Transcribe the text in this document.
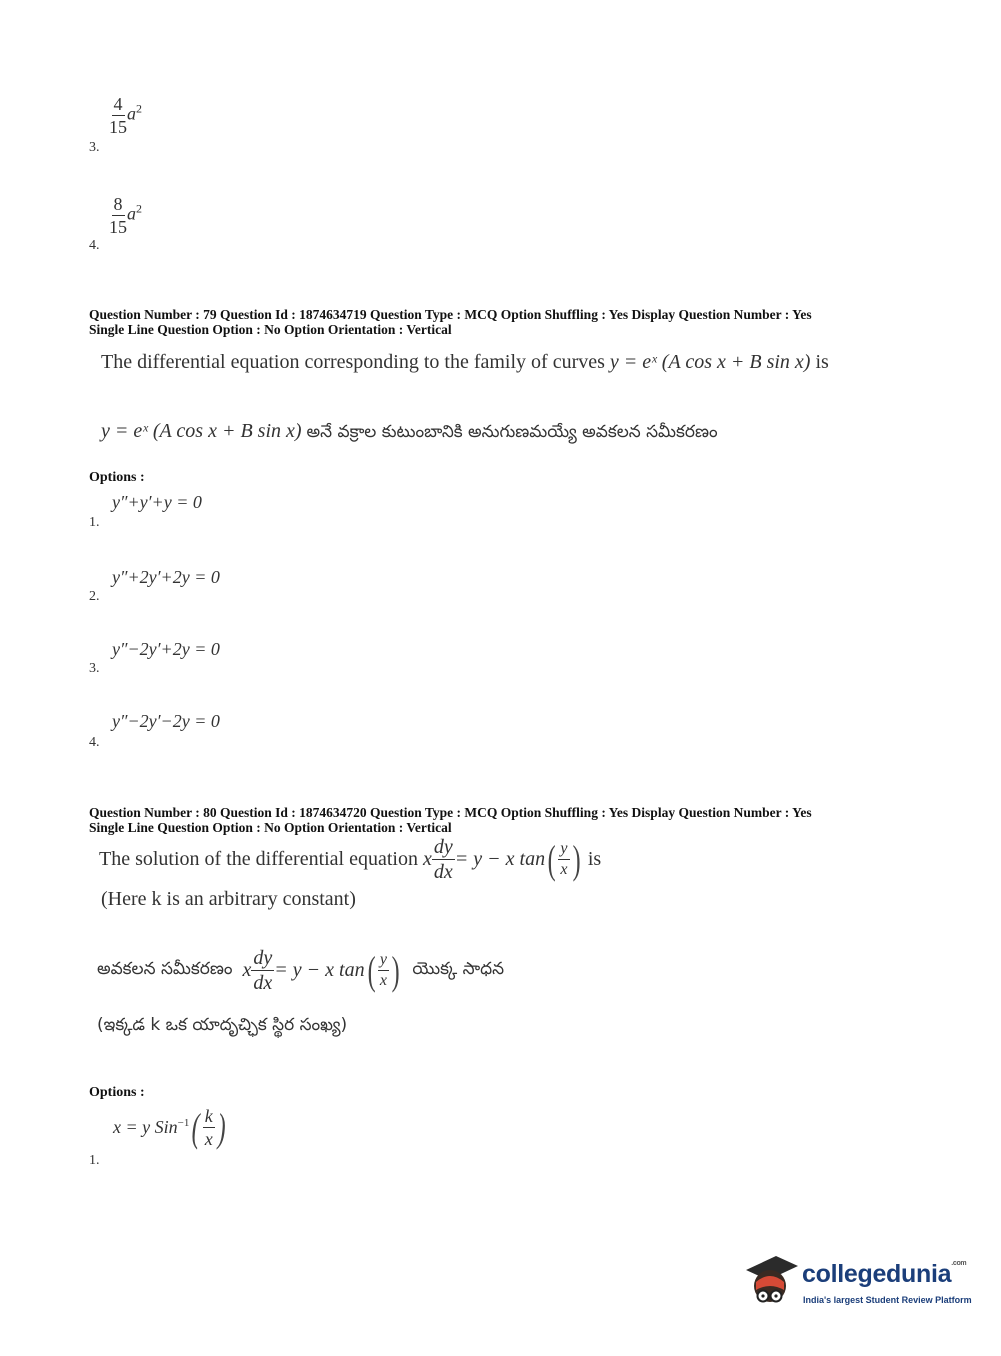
$\frac{4}{15} a^2$
3.
$\frac{8}{15} a^2$
4.
Question Number : 79 Question Id : 1874634719 Question Type : MCQ Option Shuffling : Yes Display Question Number : Yes
Single Line Question Option : No Option Orientation : Vertical
The differential equation corresponding to the family of curves y = eˣ (A cos x + B sin x) is
y = eˣ (A cos x + B sin x) అనే వక్రాల కుటుంబానికి అనుగుణమయ్యే అవకలన సమీకరణం
Options :
y″+y′+y = 0
1.
y″+2y′+2y = 0
2.
y″−2y′+2y = 0
3.
y″−2y′−2y = 0
4.
Question Number : 80 Question Id : 1874634720 Question Type : MCQ Option Shuffling : Yes Display Question Number : Yes
Single Line Question Option : No Option Orientation : Vertical
The solution of the differential equation
x $\frac{dy}{dx} = y - x$ tan ( $\frac{y}{x}$ )
is
(Here k is an arbitrary constant)
అవకలన సమీకరణం
x $\frac{dy}{dx} = y - x$ tan ( $\frac{y}{x}$ )
యొక్క సాధన
(ఇక్కడ k ఒక యాదృచ్ఛిక స్థిర సంఖ్య)
Options :
x = y Sin$^{-1}$ ( $\frac{k}{x}$ )
1.
collegedunia$^{.com}$
India's largest Student Review Platform
